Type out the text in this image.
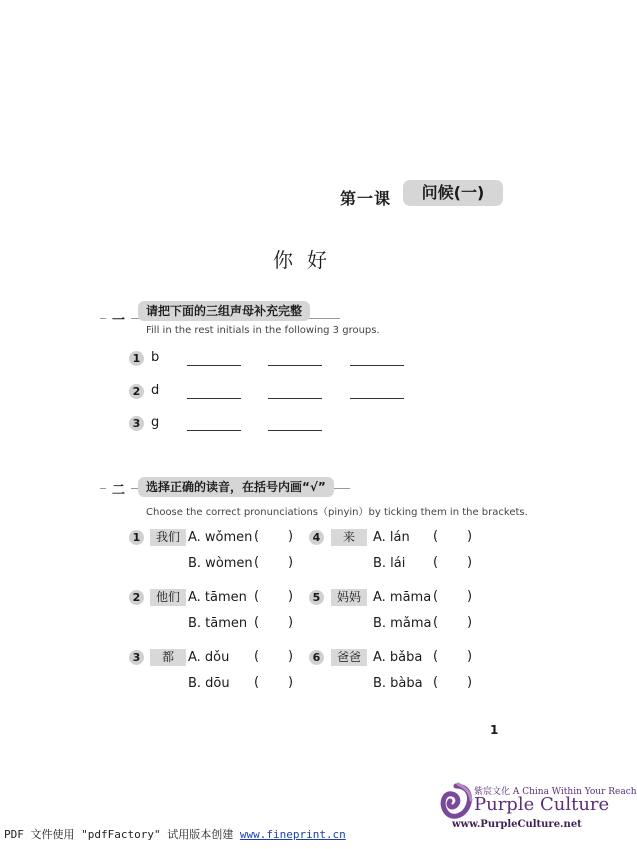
第一课	问候(一)
你好
一
请把下面的三组声母补充完整
Fill in the rest initials in the following 3 groups.
1 b
2 d
3 g
二	选择正确的读音，在括号内画“√”
Choose the correct pronunciations（pinyin）by ticking them in the brackets.
1	我们 A. wǒmen ( )
B. wòmen ( )
2	他们 A. tāmen ( )
B. tāmen ( )
3	都	A. dǒu ( )
B. dōu ( )
4	来	A. lán ( )
B. lái ( )
5	妈妈 A. māma ( )
B. mǎma ( )
6	爸爸 A. bǎba ( )
B. bàba ( )
1
紫宸文化 A China Within Your Reach
Purple Culture
www.PurpleCulture.net
PDF 文件使用 "pdfFactory" 试用版本创建 www.fineprint.cn
